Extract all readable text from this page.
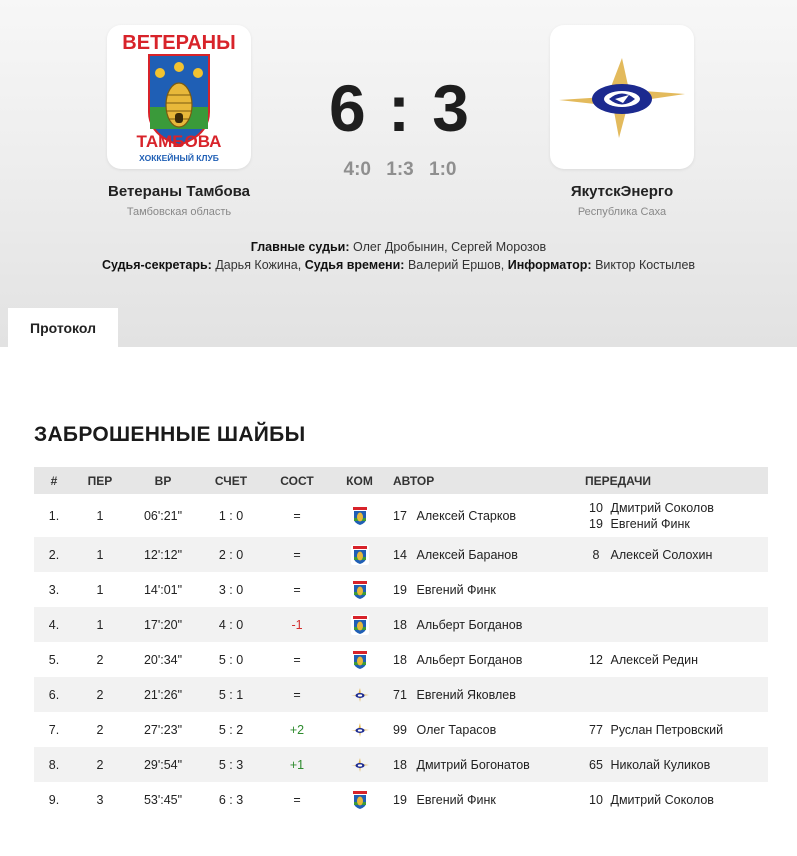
ВЕТЕРАНЫ
ТАМБОВА
ХОККЕЙНЫЙ КЛУБ
Ветераны Тамбова
Тамбовская область
ЯкутскЭнерго
Республика Саха
6 : 3
4:0 1:3 1:0
Главные судьи: Олег Дробынин, Сергей Морозов
Судья-секретарь: Дарья Кожина, Судья времени: Валерий Ершов, Информатор: Виктор Костылев
Протокол
ЗАБРОШЕННЫЕ ШАЙБЫ
#	ПЕР	ВР	СЧЕТ	СОСТ	КОМ	АВТОР	ПЕРЕДАЧИ
1.	1	06':21"	1 : 0	=		17 Алексей Старков	10 Дмитрий Соколов
19 Евгений Финк

2.	1	12':12"	2 : 0	=		14 Алексей Баранов	8 Алексей Солохин

3.	1	14':01"	3 : 0	=		19 Евгений Финк	
4.	1	17':20"	4 : 0	-1		18 Альберт Богданов	
5.	2	20':34"	5 : 0	=		18 Альберт Богданов	12 Алексей Редин

6.	2	21':26"	5 : 1	=		71 Евгений Яковлев	
7.	2	27':23"	5 : 2	+2		99 Олег Тарасов	77 Руслан Петровский

8.	2	29':54"	5 : 3	+1		18 Дмитрий Богонатов	65 Николай Куликов

9.	3	53':45"	6 : 3	=		19 Евгений Финк	10 Дмитрий Соколов
